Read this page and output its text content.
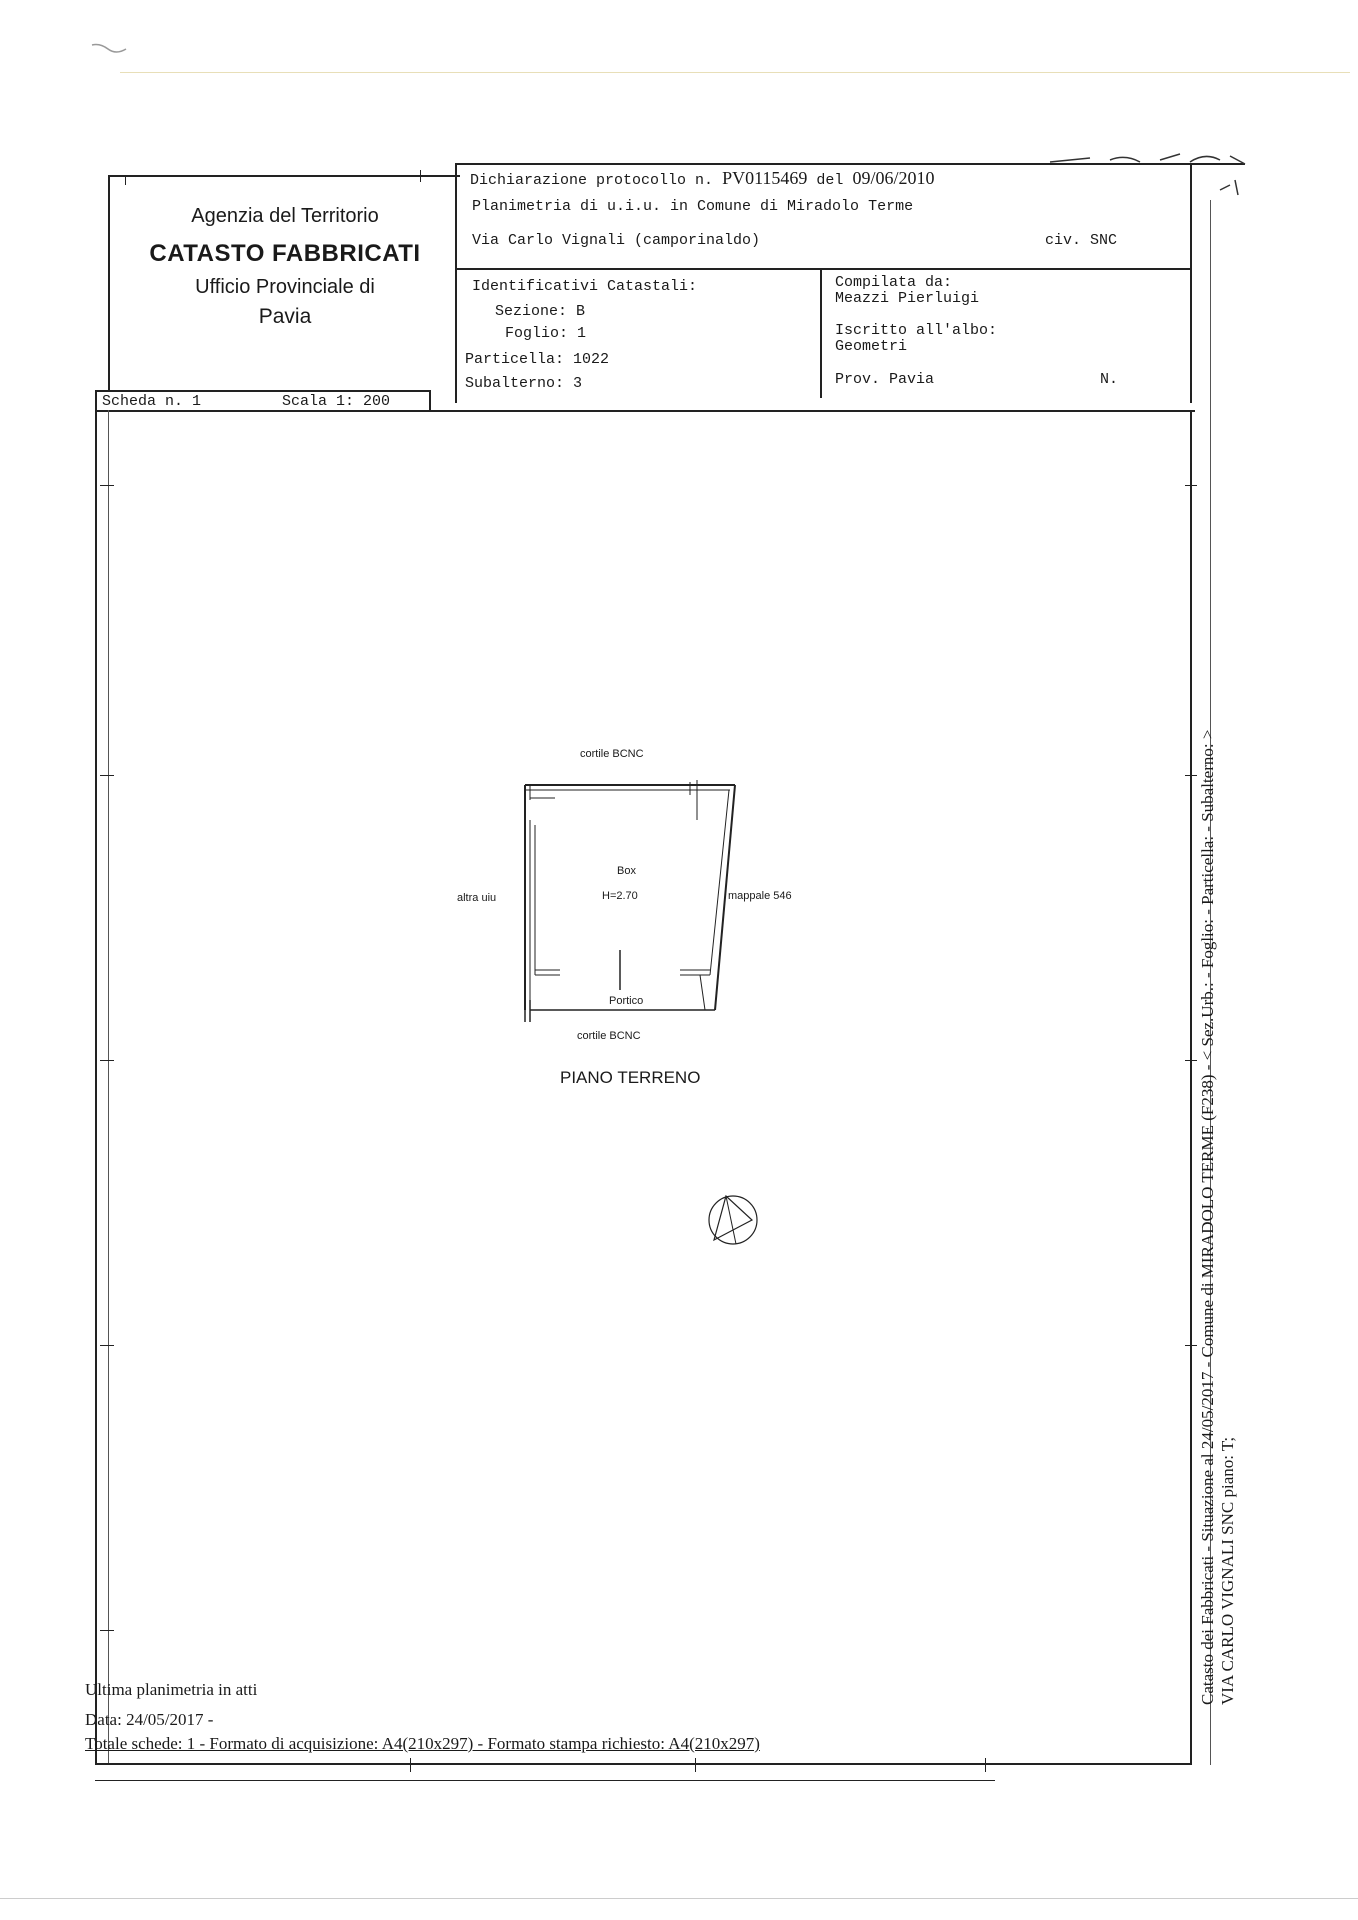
Agenzia del Territorio
CATASTO FABBRICATI
Ufficio Provinciale di
Pavia
Scheda n. 1	Scala 1: 200
Dichiarazione protocollo n. PV0115469 del 09/06/2010
Planimetria di u.i.u. in Comune di Miradolo Terme
Via Carlo Vignali (camporinaldo)	civ. SNC
Identificativi Catastali:
Sezione: B
Foglio: 1
Particella: 1022
Subalterno: 3
Compilata da:
Meazzi Pierluigi
Iscritto all'albo:
Geometri
Prov. Pavia	N.
cortile BCNC
Box
H=2.70
altra uiu	mappale 546
Portico
cortile BCNC
PIANO TERRENO
Ultima planimetria in atti
Data: 24/05/2017 -
Totale schede: 1 - Formato di acquisizione: A4(210x297) - Formato stampa richiesto: A4(210x297)
Catasto dei Fabbricati - Situazione al 24/05/2017 - Comune di MIRADOLO TERME (F238) - < Sez.Urb.: - Foglio: - Particella: - Subalterno: > VIA CARLO VIGNALI SNC piano: T;
